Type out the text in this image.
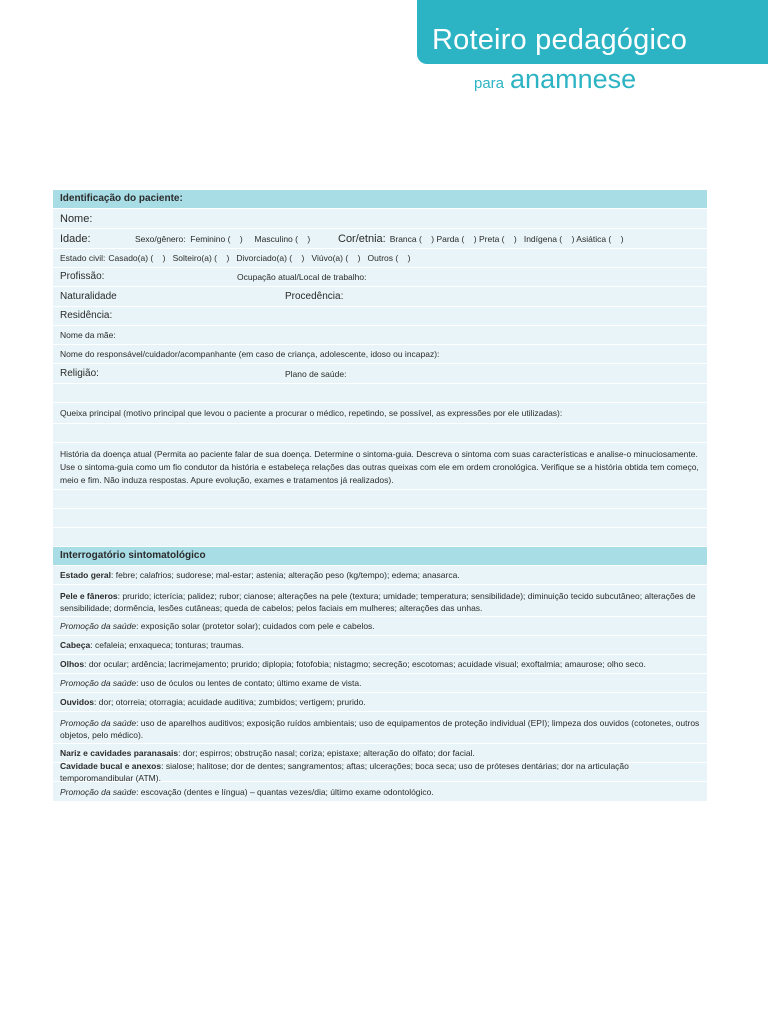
Roteiro pedagógico
para anamnese
Identificação do paciente:
Nome:
Idade:	Sexo/gênero:  Feminino (    )     Masculino (    )	Cor/etnia: Branca (    ) Parda (    ) Preta (    )   Indígena (    ) Asiática (    )
Estado civil: Casado(a) (    )   Solteiro(a) (    )   Divorciado(a) (    )   Viúvo(a) (    )   Outros (    )
Profissão:	Ocupação atual/Local de trabalho:
Naturalidade	Procedência:
Residência:
Nome da mãe:
Nome do responsável/cuidador/acompanhante (em caso de criança, adolescente, idoso ou incapaz):
Religião:	Plano de saúde:
Queixa principal (motivo principal que levou o paciente a procurar o médico, repetindo, se possível, as expressões por ele utilizadas):
História da doença atual (Permita ao paciente falar de sua doença. Determine o sintoma-guia. Descreva o sintoma com suas características e analise-o minuciosamente. Use o sintoma-guia como um fio condutor da história e estabeleça relações das outras queixas com ele em ordem cronológica. Verifique se a história obtida tem começo, meio e fim. Não induza respostas. Apure evolução, exames e tratamentos já realizados).
Interrogatório sintomatológico
Estado geral: febre; calafrios; sudorese; mal-estar; astenia; alteração peso (kg/tempo); edema; anasarca.
Pele e fâneros: prurido; icterícia; palidez; rubor; cianose; alterações na pele (textura; umidade; temperatura; sensibilidade); diminuição tecido subcutâneo; alterações de sensibilidade; dormência, lesões cutâneas; queda de cabelos; pelos faciais em mulheres; alterações das unhas.
Promoção da saúde: exposição solar (protetor solar); cuidados com pele e cabelos.
Cabeça: cefaleia; enxaqueca; tonturas; traumas.
Olhos: dor ocular; ardência; lacrimejamento; prurido; diplopia; fotofobia; nistagmo; secreção; escotomas; acuidade visual; exoftalmia; amaurose; olho seco.
Promoção da saúde: uso de óculos ou lentes de contato; último exame de vista.
Ouvidos: dor; otorreia; otorragia; acuidade auditiva; zumbidos; vertigem; prurido.
Promoção da saúde: uso de aparelhos auditivos; exposição ruídos ambientais; uso de equipamentos de proteção individual (EPI); limpeza dos ouvidos (cotonetes, outros objetos, pelo médico).
Nariz e cavidades paranasais: dor; espirros; obstrução nasal; coriza; epistaxe; alteração do olfato; dor facial.
Cavidade bucal e anexos: sialose; halitose; dor de dentes; sangramentos; aftas; ulcerações; boca seca; uso de próteses dentárias; dor na articulação temporomandibular (ATM).
Promoção da saúde: escovação (dentes e língua) – quantas vezes/dia; último exame odontológico.
